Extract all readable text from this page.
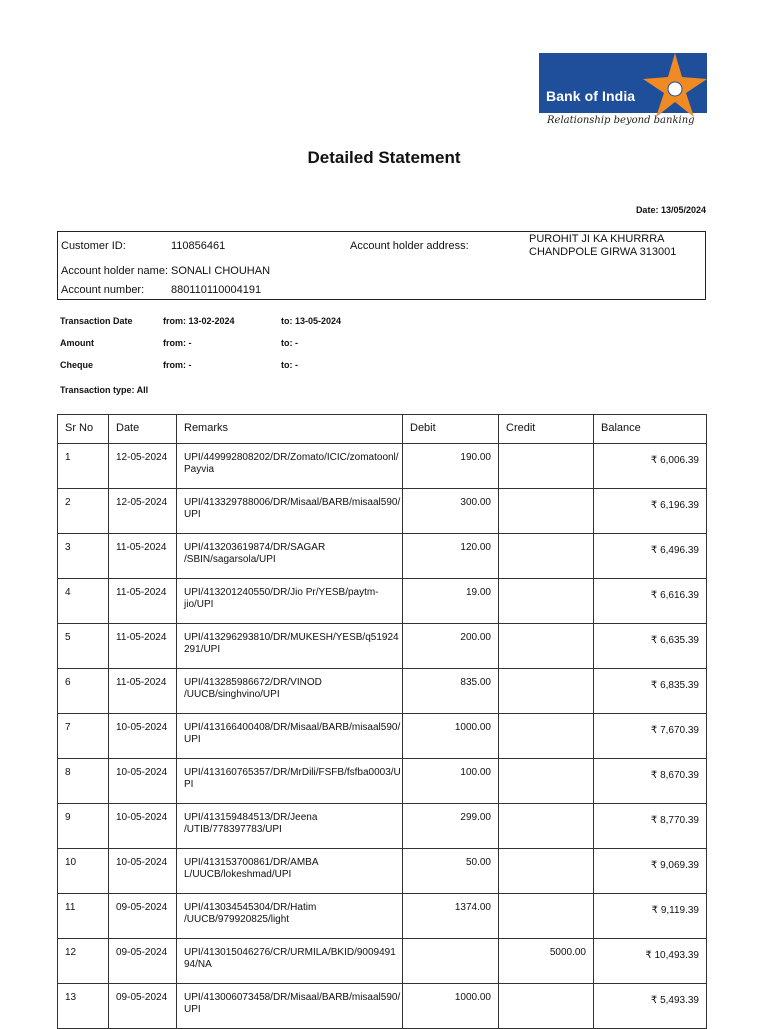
Bank of India
Relationship beyond banking
Detailed Statement
Date: 13/05/2024
Customer ID:	110856461	Account holder address:
PUROHIT JI KA KHURRRA
CHANDPOLE GIRWA 313001
Account holder name: SONALI CHOUHAN
Account number: 880110110004191
Transaction Date	from: 13-02-2024	to: 13-05-2024
Amount	from: -	to: -
Cheque	from: -	to: -
Transaction type: All
Sr No	Date	Remarks	Debit	Credit	Balance
1	12-05-2024	UPI/449992808202/DR/Zomato/ICIC/zomatoonl/
Payvia	190.00		₹ 6,006.39
2	12-05-2024	UPI/413329788006/DR/Misaal/BARB/misaal590/
UPI	300.00		₹ 6,196.39
3	11-05-2024	UPI/413203619874/DR/SAGAR
/SBIN/sagarsola/UPI	120.00		₹ 6,496.39
4	11-05-2024	UPI/413201240550/DR/Jio Pr/YESB/paytm-
jio/UPI	19.00		₹ 6,616.39
5	11-05-2024	UPI/413296293810/DR/MUKESH/YESB/q51924
291/UPI	200.00		₹ 6,635.39
6	11-05-2024	UPI/413285986672/DR/VINOD
/UUCB/singhvino/UPI	835.00		₹ 6,835.39
7	10-05-2024	UPI/413166400408/DR/Misaal/BARB/misaal590/
UPI	1000.00		₹ 7,670.39
8	10-05-2024	UPI/413160765357/DR/MrDili/FSFB/fsfba0003/U
PI	100.00		₹ 8,670.39
9	10-05-2024	UPI/413159484513/DR/Jeena
/UTIB/778397783/UPI	299.00		₹ 8,770.39
10	10-05-2024	UPI/413153700861/DR/AMBA
L/UUCB/lokeshmad/UPI	50.00		₹ 9,069.39
11	09-05-2024	UPI/413034545304/DR/Hatim
/UUCB/979920825/light	1374.00		₹ 9,119.39
12	09-05-2024	UPI/413015046276/CR/URMILA/BKID/9009491
94/NA		5000.00	₹ 10,493.39
13	09-05-2024	UPI/413006073458/DR/Misaal/BARB/misaal590/
UPI	1000.00		₹ 5,493.39
